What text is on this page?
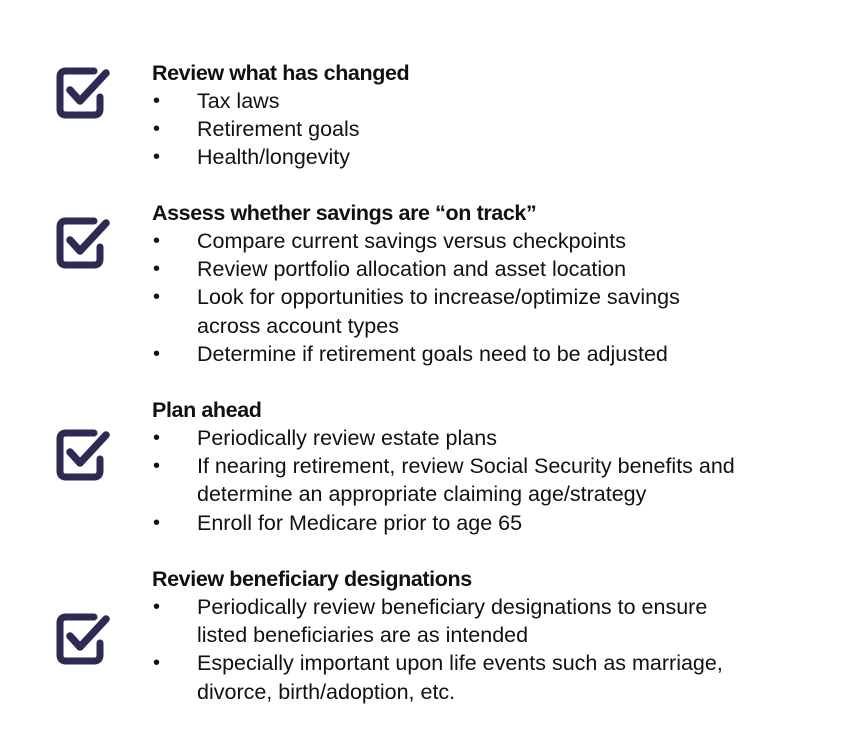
Review what has changed
•	Tax laws
•	Retirement goals
•	Health/longevity
Assess whether savings are “on track”
•	Compare current savings versus checkpoints
•	Review portfolio allocation and asset location
•	Look for opportunities to increase/optimize savings
across account types
•	Determine if retirement goals need to be adjusted
Plan ahead
•	Periodically review estate plans
•	If nearing retirement, review Social Security benefits and
determine an appropriate claiming age/strategy
•	Enroll for Medicare prior to age 65
Review beneficiary designations
•	Periodically review beneficiary designations to ensure
listed beneficiaries are as intended
•	Especially important upon life events such as marriage,
divorce, birth/adoption, etc.
